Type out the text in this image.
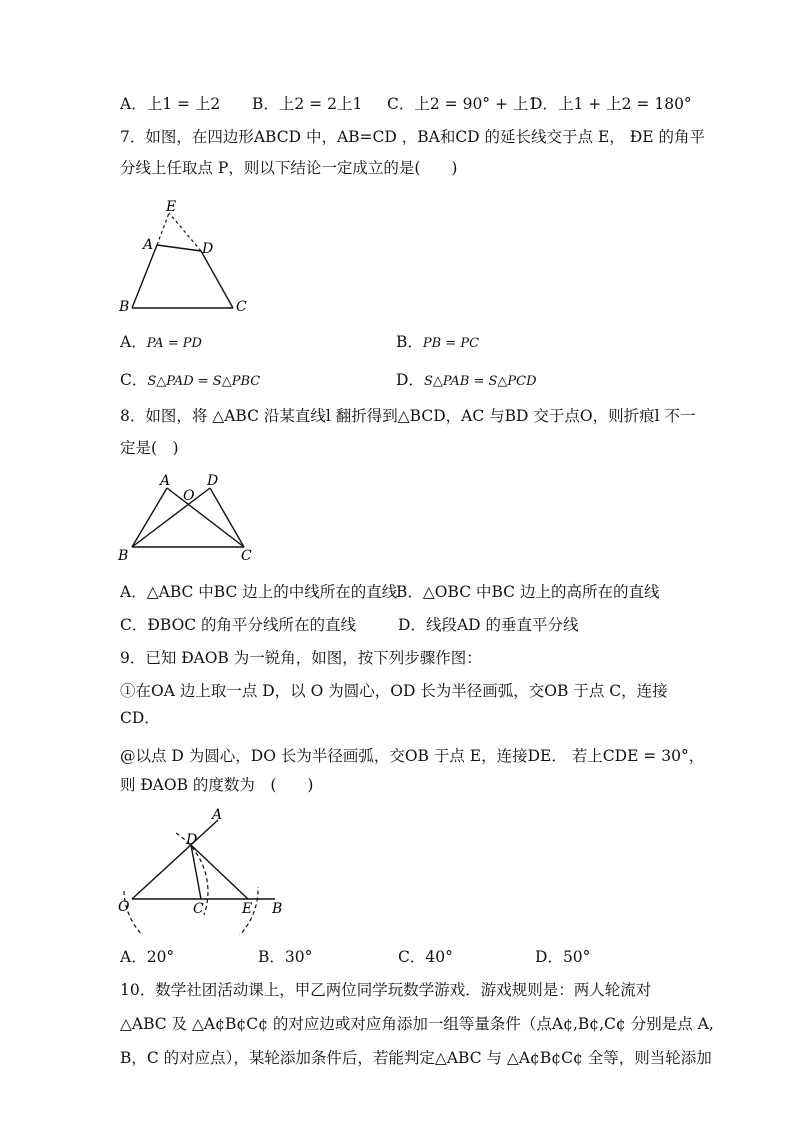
A．上1 = 上2 B．上2 = 2上1 C．上2 = 90° + 上1
D．上1 + 上2 = 180°
7．如图，在四边形ABCD 中，AB=CD ，BA和CD 的延长线交于点 E， ÐE 的角平
分线上任取点 P，则以下结论一定成立的是(　　)
E
A	D
B	C
A．PA = PD	B．PB = PC
C．S△PAD = S△PBC	D．S△PAB = S△PCD
8．如图，将 △ABC 沿某直线l 翻折得到△BCD，AC 与BD 交于点O，则折痕l 不一
定是(　)
A
O
D
B	C
A．△ABC 中BC 边上的中线所在的直线
B．△OBC 中BC 边上的高所在的直线
C．ÐBOC 的角平分线所在的直线	D．线段AD 的垂直平分线
9．已知 ÐAOB 为一锐角，如图，按下列步骤作图：
①在OA 边上取一点 D，以 O 为圆心，OD 长为半径画弧，交OB 于点 C，连接
CD．
@以点 D 为圆心，DO 长为半径画弧，交OB 于点 E，连接DE． 若上CDE = 30°，
则 ÐAOB 的度数为　(　　)
A
D
O	C	E B
A．20°	B．30°	C．40°	D．50°
10．数学社团活动课上，甲乙两位同学玩数学游戏．游戏规则是：两人轮流对
△ABC 及 △A¢B¢C¢ 的对应边或对应角添加一组等量条件（点A¢,B¢,C¢ 分别是点 A,
B，C 的对应点），某轮添加条件后，若能判定△ABC 与 △A¢B¢C¢ 全等，则当轮添加
